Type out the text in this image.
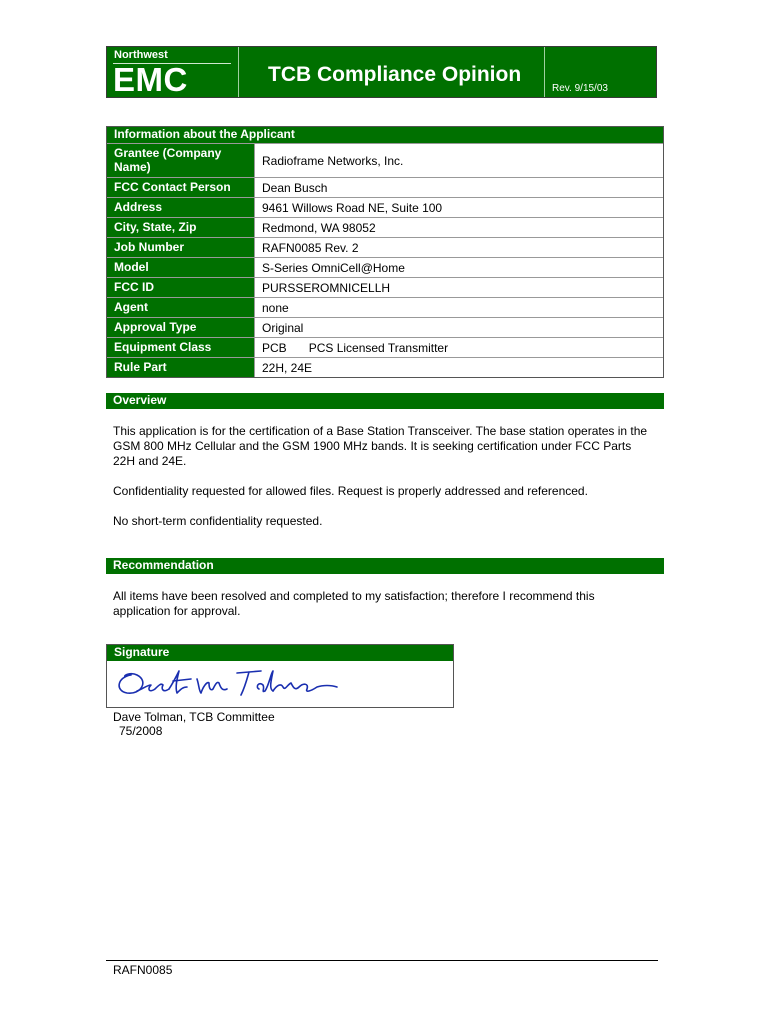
Northwest
EMC	TCB Compliance Opinion
Rev. 9/15/03
Information about the Applicant
Grantee (Company Name)	Radioframe Networks, Inc.
FCC Contact Person	Dean Busch
Address	9461 Willows Road NE, Suite 100
City, State, Zip	Redmond, WA 98052
Job Number	RAFN0085 Rev. 2
Model	S-Series OmniCell@Home
FCC ID	PURSSEROMNICELLH
Agent	none
Approval Type	Original
Equipment Class	PCB PCS Licensed Transmitter
Rule Part	22H, 24E
Overview
This application is for the certification of a Base Station Transceiver. The base station operates in the GSM 800 MHz Cellular and the GSM 1900 MHz bands. It is seeking certification under FCC Parts 22H and 24E.
Confidentiality requested for allowed files. Request is properly addressed and referenced.
No short-term confidentiality requested.
Recommendation
All items have been resolved and completed to my satisfaction; therefore I recommend this application for approval.
Signature
Dave Tolman, TCB Committee
75/2008
RAFN0085
